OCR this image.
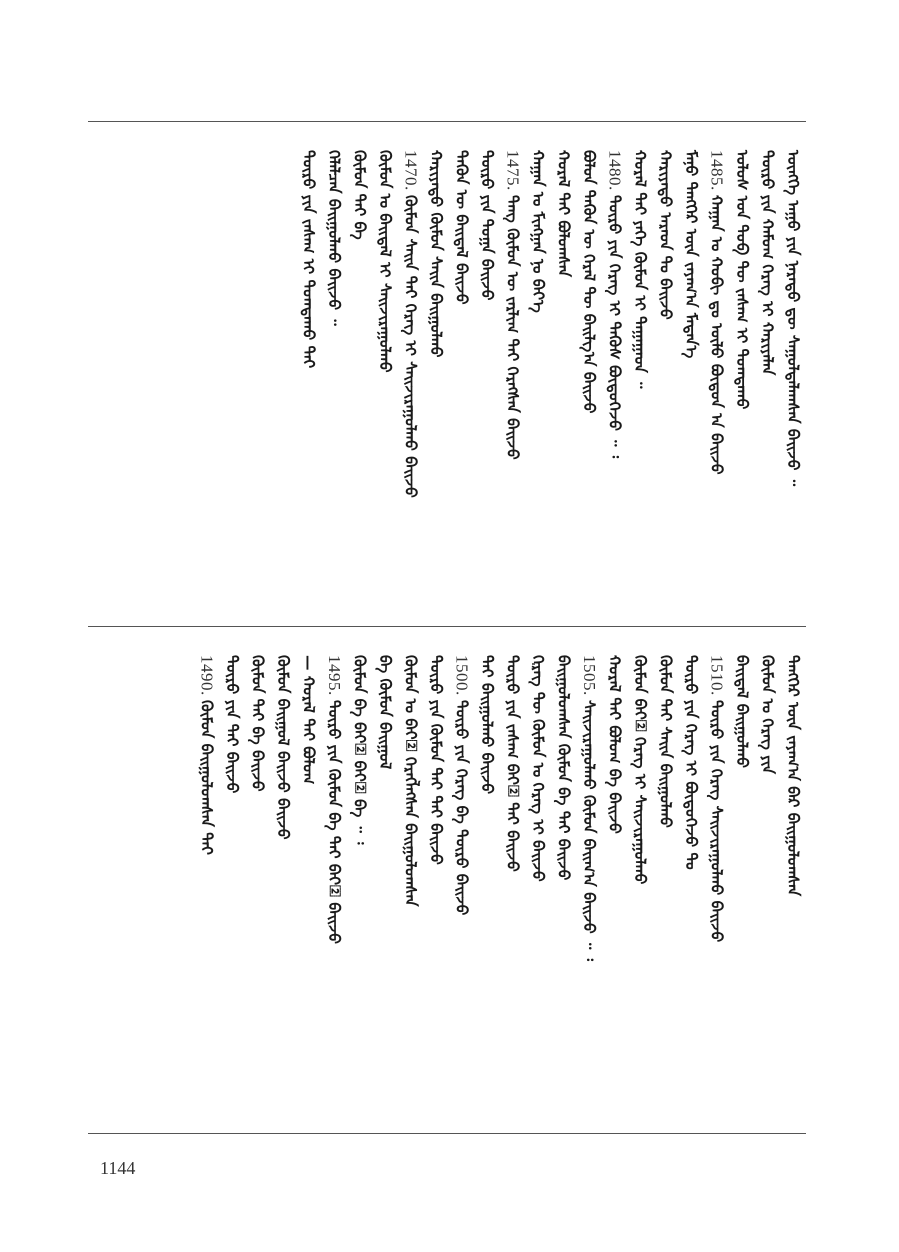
ᠦᠩᠭᠡ ᠠᠭᠤ ᠶᠢᠨ ᠨᠡᠷᠡᠳᠦ ᠳᠦ ᠰᠠᠭᠤᠯᠲᠠᠯᠠᠭᠰᠠᠨ ᠪᠠᠢ᠌ᠵᠤ ᠃
ᠲᠦᠷᠦ ᠶᠢᠨ ᠬᠠᠮᠤᠭ ᠬᠡᠷᠡᠭ ᠢ ᠬᠠᠷᠢᠶᠠᠯᠠᠨ
ᠤᠯᠤᠰ ᠤᠨ ᠲᠣᠪ ᠲᠦ ᠵᠠᠰᠠᠭ ᠢ ᠲᠤᠭᠳᠠᠬᠤ
1485.ᠬᠠᠭᠠᠨ ᠤ ᠬᠤᠪᠢ ᠳᠤ ᠦᠯᠦ ᠪᠦᠲᠦᠨ ᠠ ᠪᠠᠢ᠌ᠵᠤ
ᠮᠠᠨᠤ ᠲᠡᠩᠭᠡᠷ ᠦᠨ ᠵᠠᠶᠠᠭ᠎ᠠ ᠮᠡᠳᠡᠨ᠎ᠡ
ᠬᠠᠷᠢᠶᠠᠲᠤ ᠠᠷᠠᠳ ᠲᠤ ᠪᠠᠢ᠌ᠵᠤ
ᠬᠤᠷᠠᠯ ᠲᠠᠢ ᠶᠡᠬᠡ ᠬᠦᠮᠦᠨ ᠢ ᠳᠠᠭᠠᠭᠠᠳ ᠃
1480.ᠲᠦᠷᠦ ᠶᠢᠨ ᠬᠡᠷᠡᠭ ᠢ ᠲᠡᠭᠦᠰ ᠪᠦᠲᠦᠭᠡᠵᠦ ᠃ ᠄
ᠪᠣᠯᠤᠨ ᠲᠡᠭᠦᠨ ᠦ ᠭᠡᠷᠡᠯ ᠲᠦ ᠪᠠᠢ᠌ᠯᠭ᠎ᠠ ᠪᠠᠢ᠌ᠵᠤ
ᠬᠤᠷᠠᠯ ᠲᠠᠢ ᠪᠣᠯᠤᠭᠰᠠᠨ
ᠬᠠᠭᠠᠨ ᠤ ᠮᠢᠩᠭᠠᠨ ᠨᠤ ᠪᠡᠶ᠎ᠡ
1475.ᠲᠠᠩ ᠬᠦᠮᠦᠨ ᠦ ᠵᠠᠷᠯᠢᠭ ᠲᠠᠢ ᠬᠡᠷᠡᠭᠰᠡᠨ ᠪᠠᠢ᠌ᠵᠤ
ᠲᠦᠷᠦ ᠶᠢᠨ ᠲᠣᠭᠠ ᠪᠠᠢ᠌ᠵᠤ
ᠲᠡᠭᠦᠨ ᠦ ᠪᠠᠢ᠌ᠳᠠᠯ ᠪᠠᠢ᠌ᠵᠤ
ᠬᠠᠷᠢᠶᠠᠲᠤ ᠬᠦᠮᠦᠨ ᠰᠠᠢ᠌ᠨ ᠪᠠᠢ᠌ᠭᠤᠯᠬᠤ
1470.ᠬᠦᠮᠦᠨ ᠰᠠᠢ᠌ᠨ ᠲᠠᠢ ᠬᠡᠷᠡᠭ ᠢ ᠰᠠᠢ᠌ᠵᠢᠷᠠᠭᠤᠯᠬᠤ ᠪᠠᠢ᠌ᠵᠤ
ᠬᠦᠮᠦᠨ ᠤ ᠪᠠᠢ᠌ᠳᠠᠯ ᠢ ᠰᠠᠢ᠌ᠵᠢᠷᠠᠭᠤᠯᠬᠤ
ᠬᠦᠮᠦᠨ ᠲᠠᠢ ᠪᠠ
ᠬᠡᠯᠡᠯᠴᠡᠨ ᠪᠠᠢ᠌ᠭᠤᠯᠬᠤ ᠪᠠᠢ᠌ᠵᠤ ᠃
ᠲᠦᠷᠦ ᠶᠢᠨ ᠵᠠᠰᠠᠭ ᠢ ᠲᠤᠭᠳᠠᠬᠤ ᠲᠠᠢ
ᠲᠡᠩᠭᠡᠷ ᠦᠨ ᠵᠠᠶᠠᠭ᠎ᠠ ᠪᠠᠷ ᠪᠠᠢ᠌ᠭᠤᠯᠤᠭᠰᠠᠨ
ᠬᠦᠮᠦᠨ ᠤ ᠬᠡᠷᠡᠭ ᠶᠢᠨ
ᠪᠠᠢ᠌ᠳᠠᠯ ᠪᠠᠢ᠌ᠭᠤᠯᠬᠤ
1510.ᠲᠦᠷᠦ ᠶᠢᠨ ᠬᠡᠷᠡᠭ ᠰᠠᠢ᠌ᠵᠢᠷᠠᠭᠤᠯᠬᠤ ᠪᠠᠢ᠌ᠵᠤ
ᠲᠦᠷᠦ ᠶᠢᠨ ᠬᠡᠷᠡᠭ ᠢ ᠪᠦᠲᠦᠭᠡᠵᠦ ᠲᠤ
ᠬᠦᠮᠦᠨ ᠲᠠᠢ ᠰᠠᠢ᠌ᠨ ᠪᠠᠢ᠌ᠭᠤᠯᠬᠤ
ᠬᠦᠮᠦᠨ ᠪᠠᠢ᠌ ᠬᠡᠷᠡᠭ ᠢ ᠰᠠᠢ᠌ᠵᠢᠷᠠᠭᠤᠯᠬᠤ
ᠬᠤᠷᠠᠯ ᠲᠠᠢ ᠪᠣᠯᠤᠭ ᠪᠠ ᠪᠠᠢ᠌ᠵᠤ
1505.ᠰᠠᠢ᠌ᠵᠢᠷᠠᠭᠤᠯᠬᠤ ᠬᠦᠮᠦᠨ ᠪᠠᠢ᠌ᠭ᠎ᠠ ᠪᠠᠢ᠌ᠵᠤ ᠃ ᠄
ᠪᠠᠢ᠌ᠭᠤᠯᠤᠭᠰᠠᠨ ᠬᠦᠮᠦᠨ ᠪᠠ ᠲᠠᠢ ᠪᠠᠢ᠌ᠵᠤ
ᠬᠡᠷᠡᠭ ᠲᠦ ᠬᠦᠮᠦᠨ ᠤ ᠬᠡᠷᠡᠭ ᠢ ᠪᠠᠢ᠌ᠵᠤ
ᠲᠦᠷᠦ ᠶᠢᠨ ᠵᠠᠰᠠᠭ ᠪᠠᠢ᠌ ᠲᠠᠢ ᠪᠠᠢ᠌ᠵᠤ
ᠲᠠᠢ ᠪᠠᠢ᠌ᠭᠤᠯᠬᠤ ᠪᠠᠢ᠌ᠵᠤ
1500.ᠲᠦᠷᠦ ᠶᠢᠨ ᠬᠡᠷᠡᠭ ᠪᠠ ᠲᠦᠷᠦ ᠪᠠᠢ᠌ᠵᠤ
ᠲᠦᠷᠦ ᠶᠢᠨ ᠬᠦᠮᠦᠨ ᠲᠠᠢ ᠲᠠᠢ ᠪᠠᠢ᠌ᠵᠤ
ᠬᠦᠮᠦᠨ ᠤ ᠪᠠᠢ᠌ ᠬᠡᠷᠡᠭᠯᠡᠭᠰᠡᠨ ᠪᠠᠢ᠌ᠭᠤᠯᠤᠭᠰᠠᠨ
ᠪᠠ ᠬᠦᠮᠦᠨ ᠪᠠᠢ᠌ᠭᠤᠯ
ᠬᠦᠮᠦᠨ ᠪᠠ ᠪᠠᠢ᠌ ᠪᠠᠢ᠌ ᠪᠠ ᠃ ᠄
1495.ᠲᠦᠷᠦ ᠶᠢᠨ ᠬᠦᠮᠦᠨ ᠪᠠ ᠲᠠᠢ ᠪᠠᠢ᠌ ᠪᠠᠢ᠌ᠵᠤ
— ᠬᠤᠷᠠᠯ ᠲᠠᠢ ᠪᠣᠯᠤᠭ
ᠬᠦᠮᠦᠨ ᠪᠠᠢ᠌ᠭᠤᠯ ᠪᠠᠢ᠌ᠵᠤ ᠪᠠᠢ᠌ᠵᠤ
ᠬᠦᠮᠦᠨ ᠲᠠᠢ ᠪᠠ ᠪᠠᠢ᠌ᠵᠤ
ᠲᠦᠷᠦ ᠶᠢᠨ ᠲᠠᠢ ᠪᠠᠢ᠌ᠵᠤ
1490.ᠬᠦᠮᠦᠨ ᠪᠠᠢ᠌ᠭᠤᠯᠤᠭᠰᠠᠨ ᠲᠠᠢ
1144
